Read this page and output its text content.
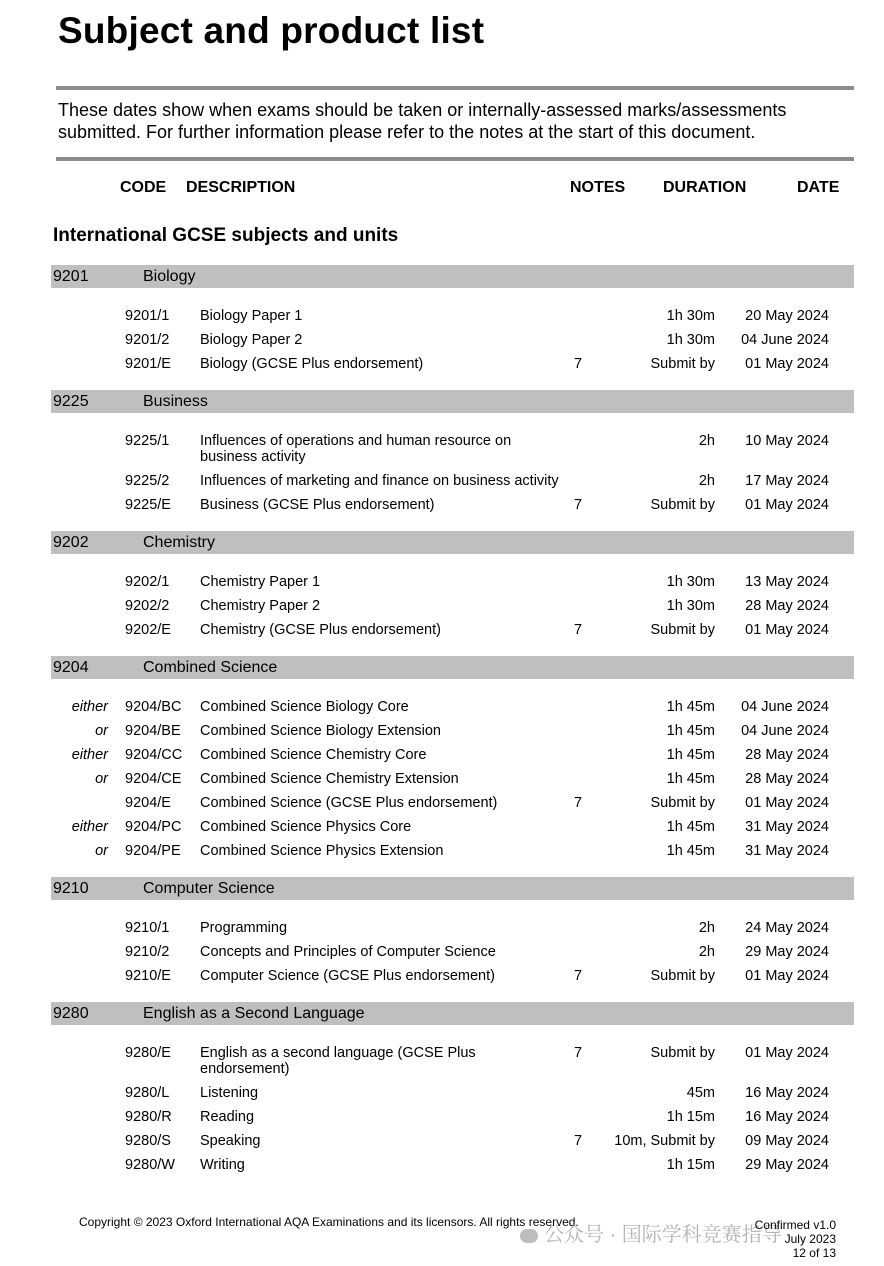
Subject and product list
These dates show when exams should be taken or internally-assessed marks/assessments submitted. For further information please refer to the notes at the start of this document.
CODE DESCRIPTION	NOTES DURATION	DATE
International GCSE subjects and units
9201	Biology
9201/1 Biology Paper 1	1h 30m 20 May 2024
9201/2 Biology Paper 2	1h 30m 04 June 2024
9201/E Biology (GCSE Plus endorsement)	7	Submit by 01 May 2024
9225	Business
9225/1 Influences of operations and human resource on business activity
2h 10 May 2024
9225/2 Influences of marketing and finance on business activity	2h 17 May 2024
9225/E Business (GCSE Plus endorsement)	7	Submit by 01 May 2024
9202	Chemistry
9202/1 Chemistry Paper 1	1h 30m 13 May 2024
9202/2 Chemistry Paper 2	1h 30m 28 May 2024
9202/E Chemistry (GCSE Plus endorsement)	7	Submit by 01 May 2024
9204	Combined Science
either 9204/BC Combined Science Biology Core	1h 45m 04 June 2024
or 9204/BE Combined Science Biology Extension	1h 45m 04 June 2024
either 9204/CC Combined Science Chemistry Core	1h 45m 28 May 2024
or 9204/CE Combined Science Chemistry Extension	1h 45m 28 May 2024
9204/E Combined Science (GCSE Plus endorsement)	7	Submit by 01 May 2024
either 9204/PC Combined Science Physics Core	1h 45m 31 May 2024
or 9204/PE Combined Science Physics Extension	1h 45m 31 May 2024
9210	Computer Science
9210/1 Programming	2h 24 May 2024
9210/2 Concepts and Principles of Computer Science	2h 29 May 2024
9210/E Computer Science (GCSE Plus endorsement)	7	Submit by 01 May 2024
9280	English as a Second Language
9280/E English as a second language (GCSE Plus endorsement)
7	Submit by 01 May 2024
9280/L Listening	45m 16 May 2024
9280/R Reading	1h 15m 16 May 2024
9280/S Speaking	7 10m, Submit by 09 May 2024
9280/W Writing	1h 15m 29 May 2024
Copyright © 2023 Oxford International AQA Examinations and its licensors. All rights reserved.
公众号 · 国际学科竞赛指导
Confirmed v1.0
July 2023
12 of 13
